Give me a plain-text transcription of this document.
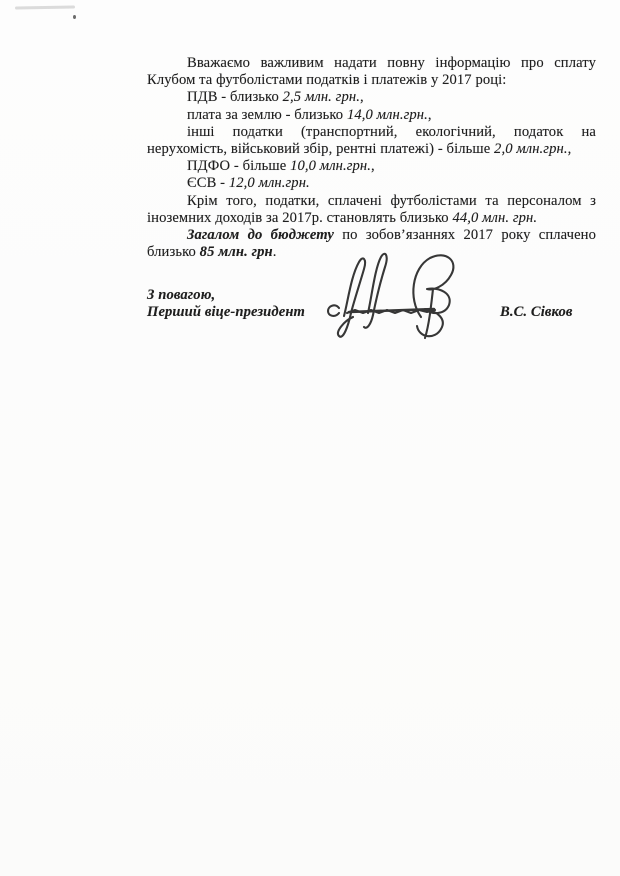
Вважаємо важливим надати повну інформацію про сплату
Клубом та футболістами податків і платежів у 2017 році:
ПДВ - близько 2,5 млн. грн.,
плата за землю - близько 14,0 млн.грн.,
інші податки (транспортний, екологічний, податок на
нерухомість, військовий збір, рентні платежі) - більше 2,0 млн.грн.,
ПДФО - більше 10,0 млн.грн.,
ЄСВ - 12,0 млн.грн.
Крім того, податки, сплачені футболістами та персоналом з
іноземних доходів за 2017р. становлять близько 44,0 млн. грн.
Загалом до бюджету по зобов’язаннях 2017 року сплачено
близько 85 млн. грн.
З повагою,
Перший віце-президент	В.С. Сівков
